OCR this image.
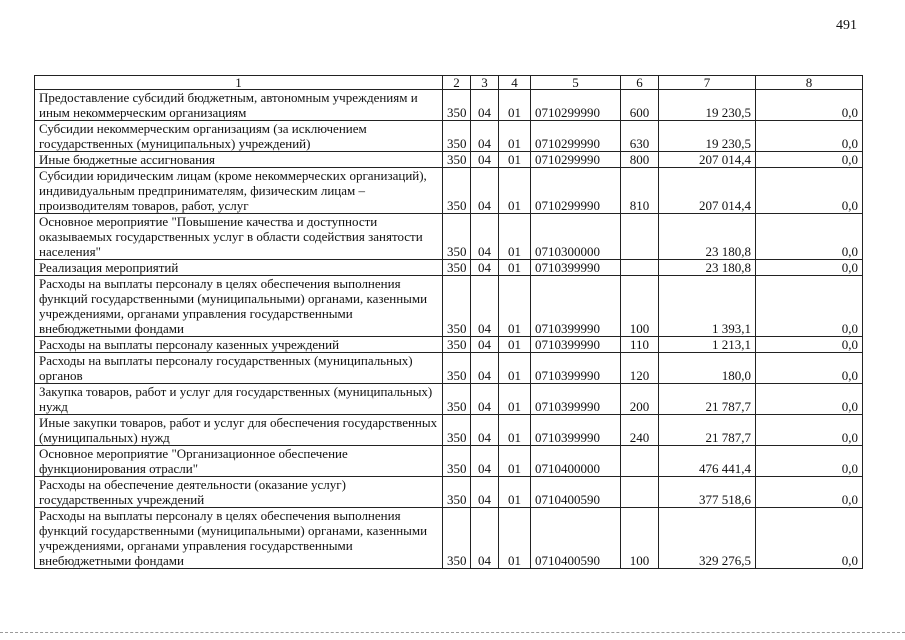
491
1	2	3	4	5	6	7	8
Предоставление субсидий бюджетным, автономным учреждениям и иным некоммерческим организациям	350	04	01	0710299990	600	19 230,5	0,0
Субсидии некоммерческим организациям (за исключением государственных (муниципальных) учреждений)	350	04	01	0710299990	630	19 230,5	0,0
Иные бюджетные ассигнования	350	04	01	0710299990	800	207 014,4	0,0
Субсидии юридическим лицам (кроме некоммерческих организаций), индивидуальным предпринимателям, физическим лицам – производителям товаров, работ, услуг	350	04	01	0710299990	810	207 014,4	0,0
Основное мероприятие "Повышение качества и доступности оказываемых государственных услуг в области содействия занятости населения"	350	04	01	0710300000		23 180,8	0,0
Реализация мероприятий	350	04	01	0710399990		23 180,8	0,0
Расходы на выплаты персоналу в целях обеспечения выполнения функций государственными (муниципальными) органами, казенными учреждениями, органами управления государственными внебюджетными фондами	350	04	01	0710399990	100	1 393,1	0,0
Расходы на выплаты персоналу казенных учреждений	350	04	01	0710399990	110	1 213,1	0,0
Расходы на выплаты персоналу государственных (муниципальных) органов	350	04	01	0710399990	120	180,0	0,0
Закупка товаров, работ и услуг для государственных (муниципальных) нужд	350	04	01	0710399990	200	21 787,7	0,0
Иные закупки товаров, работ и услуг для обеспечения государственных (муниципальных) нужд	350	04	01	0710399990	240	21 787,7	0,0
Основное мероприятие "Организационное обеспечение функционирования отрасли"	350	04	01	0710400000		476 441,4	0,0
Расходы на обеспечение деятельности (оказание услуг) государственных учреждений	350	04	01	0710400590		377 518,6	0,0
Расходы на выплаты персоналу в целях обеспечения выполнения функций государственными (муниципальными) органами, казенными учреждениями, органами управления государственными внебюджетными фондами	350	04	01	0710400590	100	329 276,5	0,0
